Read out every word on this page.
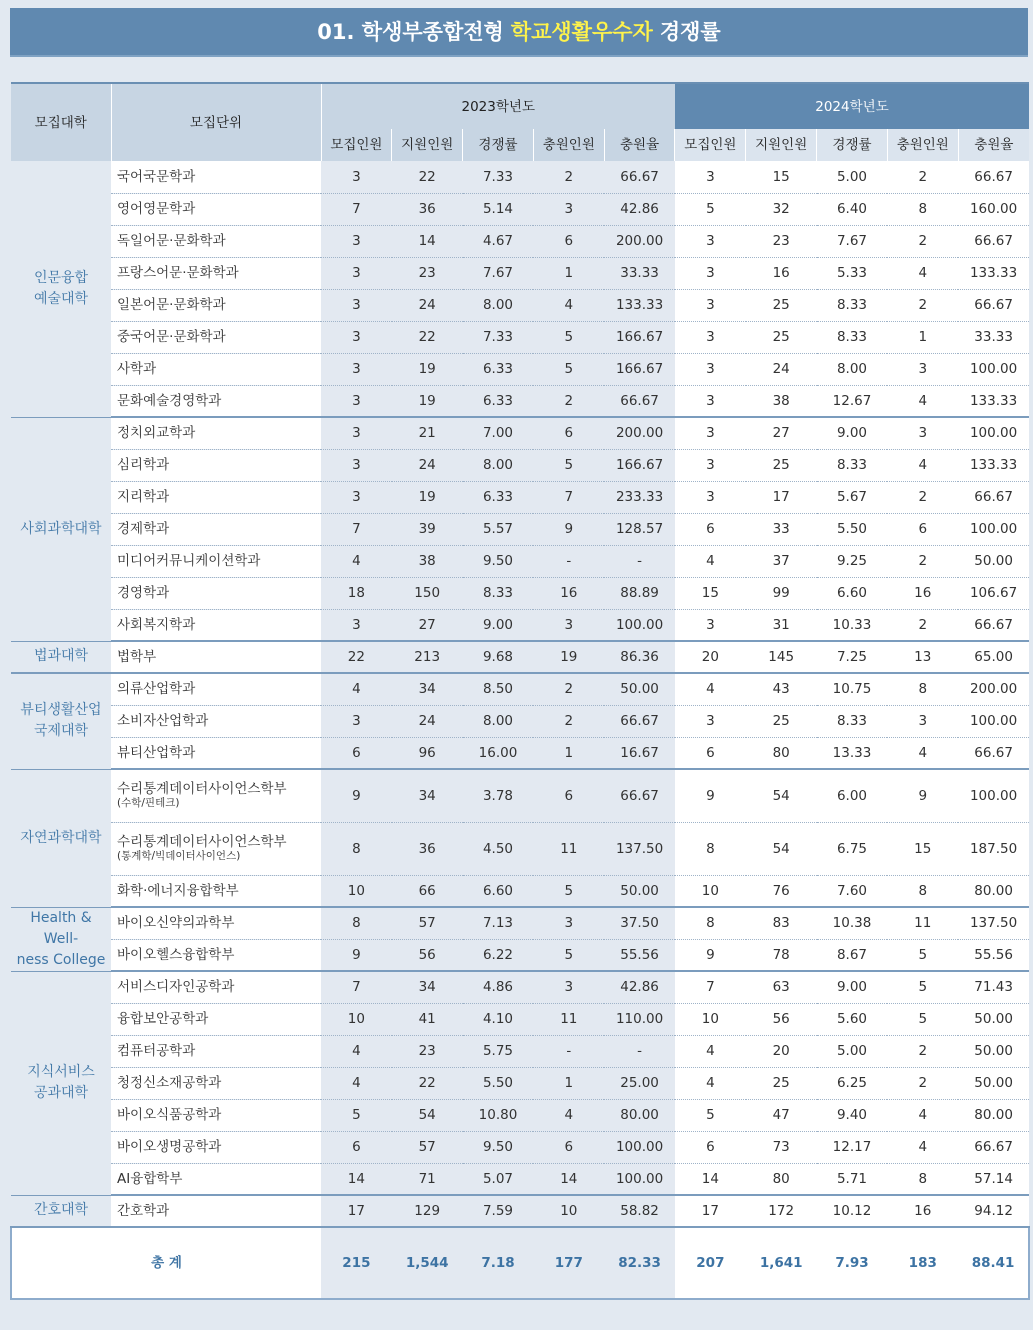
01. 학생부종합전형 학교생활우수자 경쟁률
모집대학	모집단위	2023학년도					2024학년도				
		모집인원	지원인원	경쟁률	충원인원	충원율	모집인원	지원인원	경쟁률	충원인원	충원율
인문융합
예술대학	국어국문학과	3	22	7.33	2	66.67	3	15	5.00	2	66.67
	영어영문학과	7	36	5.14	3	42.86	5	32	6.40	8	160.00
	독일어문·문화학과	3	14	4.67	6	200.00	3	23	7.67	2	66.67
	프랑스어문·문화학과	3	23	7.67	1	33.33	3	16	5.33	4	133.33
	일본어문·문화학과	3	24	8.00	4	133.33	3	25	8.33	2	66.67
	중국어문·문화학과	3	22	7.33	5	166.67	3	25	8.33	1	33.33
	사학과	3	19	6.33	5	166.67	3	24	8.00	3	100.00
	문화예술경영학과	3	19	6.33	2	66.67	3	38	12.67	4	133.33
사회과학대학	정치외교학과	3	21	7.00	6	200.00	3	27	9.00	3	100.00
	심리학과	3	24	8.00	5	166.67	3	25	8.33	4	133.33
	지리학과	3	19	6.33	7	233.33	3	17	5.67	2	66.67
	경제학과	7	39	5.57	9	128.57	6	33	5.50	6	100.00
	미디어커뮤니케이션학과	4	38	9.50	-	-	4	37	9.25	2	50.00
	경영학과	18	150	8.33	16	88.89	15	99	6.60	16	106.67
	사회복지학과	3	27	9.00	3	100.00	3	31	10.33	2	66.67
법과대학	법학부	22	213	9.68	19	86.36	20	145	7.25	13	65.00
뷰티생활산업
국제대학	의류산업학과	4	34	8.50	2	50.00	4	43	10.75	8	200.00
	소비자산업학과	3	24	8.00	2	66.67	3	25	8.33	3	100.00
	뷰티산업학과	6	96	16.00	1	16.67	6	80	13.33	4	66.67
자연과학대학	수리통계데이터사이언스학부
(수학/핀테크)	9	34	3.78	6	66.67	9	54	6.00	9	100.00
	수리통계데이터사이언스학부
(통계학/빅데이터사이언스)	8	36	4.50	11	137.50	8	54	6.75	15	187.50
	화학·에너지융합학부	10	66	6.60	5	50.00	10	76	7.60	8	80.00
Health & Well-
ness College	바이오신약의과학부	8	57	7.13	3	37.50	8	83	10.38	11	137.50
	바이오헬스융합학부	9	56	6.22	5	55.56	9	78	8.67	5	55.56
지식서비스
공과대학	서비스디자인공학과	7	34	4.86	3	42.86	7	63	9.00	5	71.43
	융합보안공학과	10	41	4.10	11	110.00	10	56	5.60	5	50.00
	컴퓨터공학과	4	23	5.75	-	-	4	20	5.00	2	50.00
	청정신소재공학과	4	22	5.50	1	25.00	4	25	6.25	2	50.00
	바이오식품공학과	5	54	10.80	4	80.00	5	47	9.40	4	80.00
	바이오생명공학과	6	57	9.50	6	100.00	6	73	12.17	4	66.67
	AI융합학부	14	71	5.07	14	100.00	14	80	5.71	8	57.14
간호대학	간호학과	17	129	7.59	10	58.82	17	172	10.12	16	94.12
총 계		215	1,544	7.18	177	82.33	207	1,641	7.93	183	88.41
